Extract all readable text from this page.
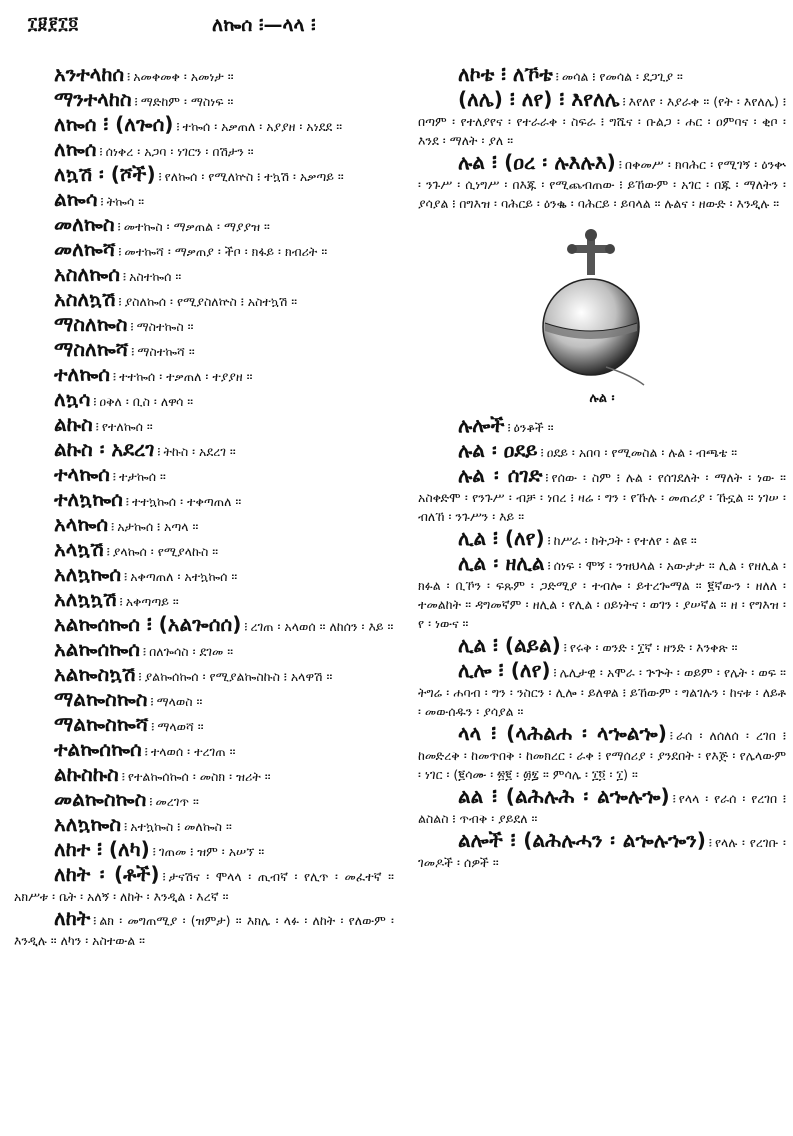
፲፱፻፲፬	ለኰሰ ፧—ላላ ፧
አንተላከሰ ፧ አመቀመቀ ፡ አመነታ ።
ማንተላከስ ፧ ማድከም ፡ ማስነፍ ።
ለኰሰ ፧ (ለጐሰ) ፧ ተኰሰ ፡ አቃጠለ ፡ አያያዘ ፡ አነደደ ።
ለኰሰ ፧ ሰነቀረ ፡ አጋባ ፡ ነገርን ፡ በሽታን ።
ለኳሽ ፡ (ሾች) ፧ የለኰሰ ፡ የሚለኵስ ፧ ተኳሽ ፡ አቃጣይ ።
ልኰሳ ፧ ትኰሳ ።
መለኰስ ፧ መተኰስ ፡ ማቃጠል ፡ ማያያዝ ።
መለኰሻ ፧ መተኰሻ ፡ ማቃጠያ ፡ ችቦ ፡ ክፋይ ፡ ክብሪት ።
አስለኰሰ ፧ አስተኰሰ ።
አስለኳሽ ፧ ያስለኰሰ ፡ የሚያስለኵስ ፧ አስተኳሽ ።
ማስለኰስ ፧ ማስተኰስ ።
ማስለኰሻ ፧ ማስተኰሻ ።
ተለኰሰ ፧ ተተኰሰ ፡ ተቃጠለ ፡ ተያያዘ ።
ለኳሳ ፧ ዐቅለ ፡ ቢስ ፡ ለዋሳ ።
ልኩስ ፧ የተለኰሰ ።
ልኩስ ፡ አደረገ ፧ ትኩስ ፡ አደረገ ።
ተላኰሰ ፧ ተታኰሰ ።
ተለኳኰሰ ፧ ተተኳኰሰ ፡ ተቀጣጠለ ።
አላኰሰ ፧ አታኰሰ ፧ አጣላ ።
አላኳሽ ፧ ያላኰሰ ፡ የሚያላኩስ ።
አለኳኰሰ ፧ አቀጣጠለ ፡ አተኳኰሰ ።
አለኳኳሽ ፧ አቀጣጣይ ።
አልኰሰኰሰ ፧ (አልጐሰሰ) ፧ ረገጠ ፡ አላወሰ ። ለከሰን ፡ እይ ።
አልኰሰኰሰ ፧ በለጐሳስ ፡ ደገመ ።
አልኰስኳሽ ፧ ያልኰሰኰሰ ፡ የሚያልኰስኩስ ፧ አላዋሽ ።
ማልኰስኰስ ፧ ማላወስ ።
ማልኰስኰሻ ፧ ማላወሻ ።
ተልኰሰኰሰ ፧ ተላወሰ ፡ ተረገጠ ።
ልኩስኩስ ፧ የተልኰሰኰሰ ፡ መስክ ፡ ዝሪት ።
መልኰስኰስ ፧ መረገጥ ።
አለኳኰስ ፧ አተኳኰስ ፧ መለኰስ ።
ለከተ ፧ (ለካ) ፧ ገጠመ ፧ ዝም ፡ አሠኘ ።
ለከት ፡ (ቶች) ፧ ታናሽና ፡ ሞላላ ፡ ጢብኛ ፡ የሊጥ ፡ መፈተኛ ። አክሥቱ ፡ ቤት ፡ አለኝ ፡ ለከት ፡ እንዲል ፡ እረኛ ።
ለከት ፧ ልክ ፡ መግጠሚያ ፡ (ዝምታ) ። እክሌ ፡ ላፉ ፡ ለከት ፡ የለውም ፡ እንዲሉ ። ለካን ፡ አስተውል ።
ለኮቴ ፧ ለኾቴ ፧ መሳል ፧ የመሳል ፡ ደጋጊያ ።
(ለሌ) ፧ ለየ) ፧ እየለሌ ፧ እየለየ ፡ እያራቀ ። (የት ፡ እየለሌ) ፧ በጣም ፡ የተለያየና ፡ የተራራቀ ፡ ስፍራ ፧ ግሼና ፡ ቡልጋ ፡ ሐር ፡ ዐምባና ፡ ቂቦ ፡ እንደ ፡ ማለት ፡ ያለ ።
ሉል ፧ (ዐረ ፡ ሉእሉእ) ፧ በቀመሥ ፡ ክባሕር ፡ የሚገኝ ፡ ዕንቍ ፡ ንጉሥ ፡ ሲነግሥ ፡ በእጁ ፡ የሚጨብጠው ፧ ይኸውም ፡ አገር ፡ በጁ ፡ ማለትን ፡ ያሳያል ፧ በግእዝ ፡ ባሕርይ ፡ ዕንቈ ፡ ባሕርይ ፡ ይባላል ። ሉልና ፡ ዘውድ ፡ እንዲሉ ።
ሉል ፡
ሉሎች ፧ ዕንቆች ።
ሉል ፡ ዐደይ ፧ ዐደይ ፡ አበባ ፡ የሚመስል ፡ ሉል ፡ ብጫቴ ።
ሉል ፡ ሰገድ ፧ የሰው ፡ ስም ፧ ሉል ፡ የሰገደለት ፡ ማለት ፡ ነው ። አስቀድሞ ፡ የንጉሥ ፡ ብቻ ፡ ነበረ ፧ ዛሬ ፡ ግን ፡ የኹሉ ፡ መጠሪያ ፡ ኹኗል ። ነገሠ ፡ ብለኸ ፡ ንጉሥን ፡ እይ ።
ሊል ፧ (ለየ) ፧ ከሥራ ፡ ከትጋት ፡ የተለየ ፡ ልዩ ።
ሊል ፡ ዘሊል ፧ ሰነፍ ፡ ሞኝ ፡ ንዝህላል ፡ አውታታ ። ሊል ፡ የዘሊል ፡ ክፉል ፡ ቢኾን ፡ ፍጹም ፡ ጋድሚያ ፡ ተብሎ ፡ ይተረጐማል ። ፪ኛውን ፡ ዘለለ ፡ ተመልከት ። ዳግመኛም ፡ ዘሊል ፡ የሊል ፡ ዐይነትና ፡ ወገን ፡ ያሠኛል ። ዘ ፡ የግእዝ ፡ የ ፡ ነውና ።
ሊል ፧ (ልይል) ፧ የሩቅ ፡ ወንድ ፡ ፲ኛ ፡ ዘንድ ፡ እንቀጽ ።
ሊሎ ፧ (ለየ) ፧ ሌሊታዊ ፡ አሞራ ፡ ጕጕት ፡ ወይም ፡ የሌት ፡ ወፍ ። ትግሬ ፡ ሐባብ ፡ ግን ፡ ንስርን ፡ ሊሎ ፡ ይለዋል ፧ ይኸውም ፡ ግልገሉን ፡ ከናቱ ፡ ለይቶ ፡ መውሰዱን ፡ ያሳያል ።
ላላ ፧ (ላሕልሐ ፡ ላኈልኈ) ፧ ራሰ ፡ ለሰለሰ ፡ ረገበ ፧ ከመድረቅ ፡ ከመጥበቅ ፡ ከመክረር ፡ ራቀ ፧ የማሰሪያ ፡ ያንደበት ፡ የእጅ ፡ የሌላውም ፡ ነገር ፡ (፪ሳሙ ፡ ፳፪ ፡ ፴፯ ። ምሳሌ ፡ ፲፬ ፡ ፲) ።
ልል ፧ (ልሕሉሕ ፡ ልኈሉኈ) ፧ የላላ ፡ የራሰ ፡ የረገበ ፧ ልስልስ ፧ ጥብቅ ፡ ያይደለ ።
ልሎች ፧ (ልሕሉሓን ፡ ልኈሉኈን) ፧ የላሉ ፡ የረገቡ ፡ ገመዶች ፡ ሰዎች ።
